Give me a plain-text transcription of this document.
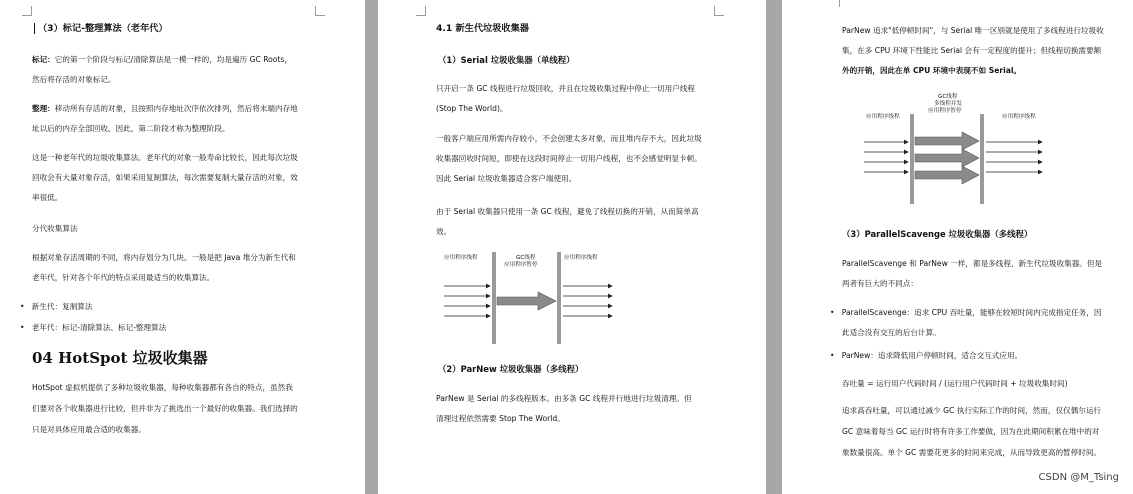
（3）标记-整理算法（老年代）

标记：它的第一个阶段与标记/清除算法是一模一样的，均是遍历 GC Roots，

然后将存活的对象标记。

整理：移动所有存活的对象，且按照内存地址次序依次排列，然后将末端内存地

址以后的内存全部回收。因此，第二阶段才称为整理阶段。

这是一种老年代的垃圾收集算法。老年代的对象一般寿命比较长，因此每次垃圾

回收会有大量对象存活，如果采用复制算法，每次需要复制大量存活的对象，效

率很低。

分代收集算法

根据对象存活周期的不同，将内存划分为几块。一般是把 Java 堆分为新生代和

老年代，针对各个年代的特点采用最适当的收集算法。

•   新生代：复制算法

•   老年代：标记-清除算法、标记-整理算法

04 HotSpot 垃圾收集器

HotSpot 虚拟机提供了多种垃圾收集器，每种收集器都有各自的特点，虽然我

们要对各个收集器进行比较，但并非为了挑选出一个最好的收集器。我们选择的

只是对具体应用最合适的收集器。

4.1 新生代垃圾收集器

（1）Serial 垃圾收集器（单线程）

只开启一条 GC 线程进行垃圾回收，并且在垃圾收集过程中停止一切用户线程

(Stop The World)。

一般客户端应用所需内存较小，不会创建太多对象，而且堆内存不大，因此垃圾

收集器回收时间短，即使在这段时间停止一切用户线程，也不会感觉明显卡顿。

因此 Serial 垃圾收集器适合客户端使用。

由于 Serial 收集器只使用一条 GC 线程，避免了线程切换的开销，从而简单高

效。

应用程序线程	GC线程
应用程序暂停
应用程序线程

（2）ParNew 垃圾收集器（多线程）

ParNew 是 Serial 的多线程版本。由多条 GC 线程并行地进行垃圾清理。但

清理过程依然需要 Stop The World。

ParNew 追求"低停顿时间"，与 Serial 唯一区别就是使用了多线程进行垃圾收

集，在多 CPU 环境下性能比 Serial 会有一定程度的提升；但线程切换需要额

外的开销，因此在单 CPU 环境中表现不如 Serial。

应用程序线程
GC线程
多线程并发
应用程序暂停
应用程序线程

（3）ParallelScavenge 垃圾收集器（多线程）

ParallelScavenge 和 ParNew 一样，都是多线程、新生代垃圾收集器。但是

两者有巨大的不同点：

•   ParallelScavenge：追求 CPU 吞吐量，能够在较短时间内完成指定任务，因

此适合没有交互的后台计算。

•   ParNew：追求降低用户停顿时间，适合交互式应用。

吞吐量 = 运行用户代码时间 / (运行用户代码时间 + 垃圾收集时间)

追求高吞吐量，可以通过减少 GC 执行实际工作的时间，然而，仅仅偶尔运行

GC 意味着每当 GC 运行时将有许多工作要做，因为在此期间积累在堆中的对

象数量很高。单个 GC 需要花更多的时间来完成，从而导致更高的暂停时间。

CSDN @M_Tsing
